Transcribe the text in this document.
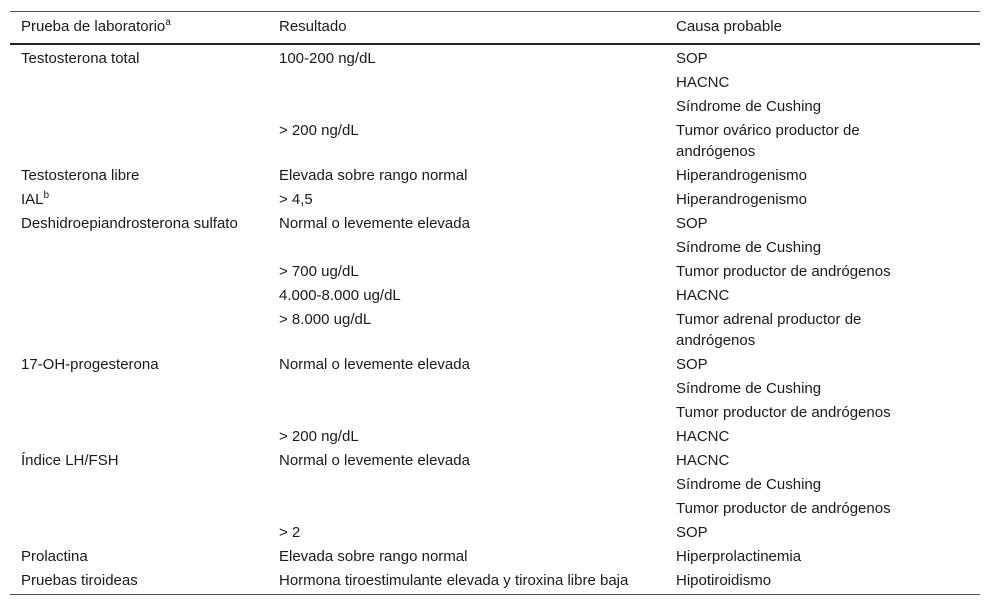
Prueba de laboratorio$^a$	Resultado	Causa probable
Testosterona total	100-200 ng/dL	SOP
		HACNC
		Síndrome de Cushing
	> 200 ng/dL	Tumor ovárico productor de andrógenos
Testosterona libre	Elevada sobre rango normal	Hiperandrogenismo
$IAL^b$	> 4,5	Hiperandrogenismo
Deshidroepiandrosterona sulfato	Normal o levemente elevada	SOP
		Síndrome de Cushing
	> 700 ug/dL	Tumor productor de andrógenos
	4.000-8.000 ug/dL	HACNC
	> 8.000 ug/dL	Tumor adrenal productor de andrógenos
17-OH-progesterona	Normal o levemente elevada	SOP
		Síndrome de Cushing
		Tumor productor de andrógenos
	> 200 ng/dL	HACNC
Índice LH/FSH	Normal o levemente elevada	HACNC
		Síndrome de Cushing
		Tumor productor de andrógenos
	> 2	SOP
Prolactina	Elevada sobre rango normal	Hiperprolactinemia
Pruebas tiroideas	Hormona tiroestimulante elevada y tiroxina libre baja	Hipotiroidismo
